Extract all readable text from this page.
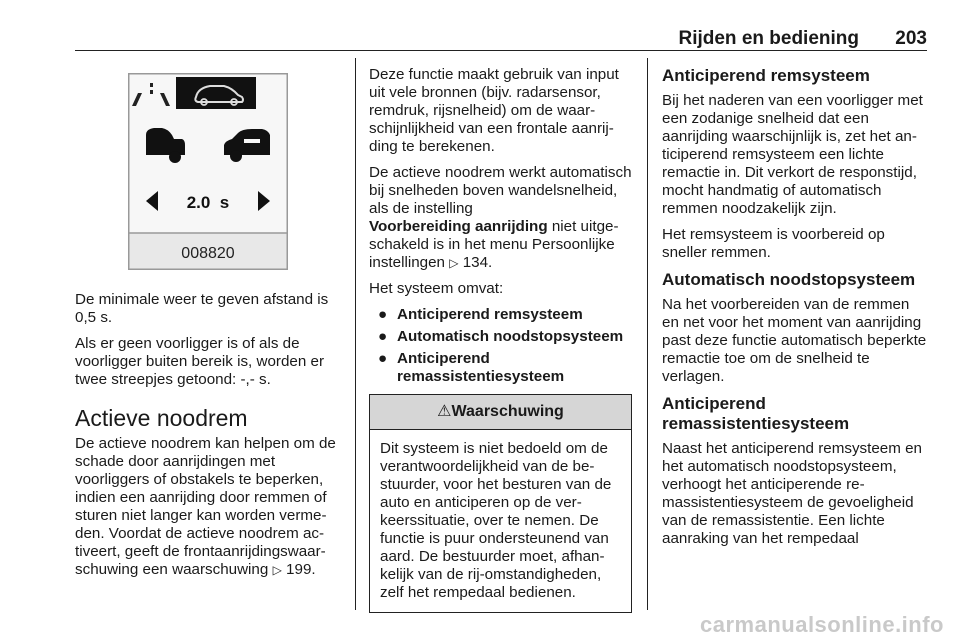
Rijden en bediening 203
2.0  s
008820

De minimale weer te geven afstand is 0,5 s.

Als er geen voorligger is of als de voorligger buiten bereik is, worden er twee streepjes getoond: -,- s.

Actieve noodrem

De actieve noodrem kan helpen om de schade door aanrijdingen met voorliggers of obstakels te beperken, indien een aanrijding door remmen of sturen niet langer kan worden vermeden. Voordat de actieve noodrem activeert, geeft de frontaanrijdingswaarschuwing een waarschuwing ▷ 199.

Deze functie maakt gebruik van input uit vele bronnen (bijv. radarsensor, remdruk, rijsnelheid) om de waarschijnlijkheid van een frontale aanrijding te berekenen.

De actieve noodrem werkt automatisch bij snelheden boven wandelsnelheid, als de instelling
Voorbereiding aanrijding niet uitgeschakeld is in het menu Persoonlijke instellingen ▷ 134.

Het systeem omvat:

● Anticiperend remsysteem
● Automatisch noodstopsysteem
● Anticiperend remassistentiesysteem
⚠Waarschuwing
Dit systeem is niet bedoeld om de verantwoordelijkheid van de bestuurder, voor het besturen van de auto en anticiperen op de verkeerssituatie, over te nemen. De functie is puur ondersteunend van aard. De bestuurder moet, afhankelijk van de rij-omstandigheden, zelf het rempedaal bedienen.
Anticiperend remsysteem

Bij het naderen van een voorligger met een zodanige snelheid dat een aanrijding waarschijnlijk is, zet het anticiperend remsysteem een lichte remactie in. Dit verkort de responstijd, mocht handmatig of automatisch remmen noodzakelijk zijn.

Het remsysteem is voorbereid op sneller remmen.

Automatisch noodstopsysteem

Na het voorbereiden van de remmen en net voor het moment van aanrijding past deze functie automatisch beperkte remactie toe om de snelheid te verlagen.

Anticiperend
remassistentiesysteem

Naast het anticiperend remsysteem en het automatisch noodstopsysteem, verhoogt het anticiperende remassistentiesysteem de gevoeligheid van de remassistentie. Een lichte aanraking van het rempedaal

carmanualsonline.info
